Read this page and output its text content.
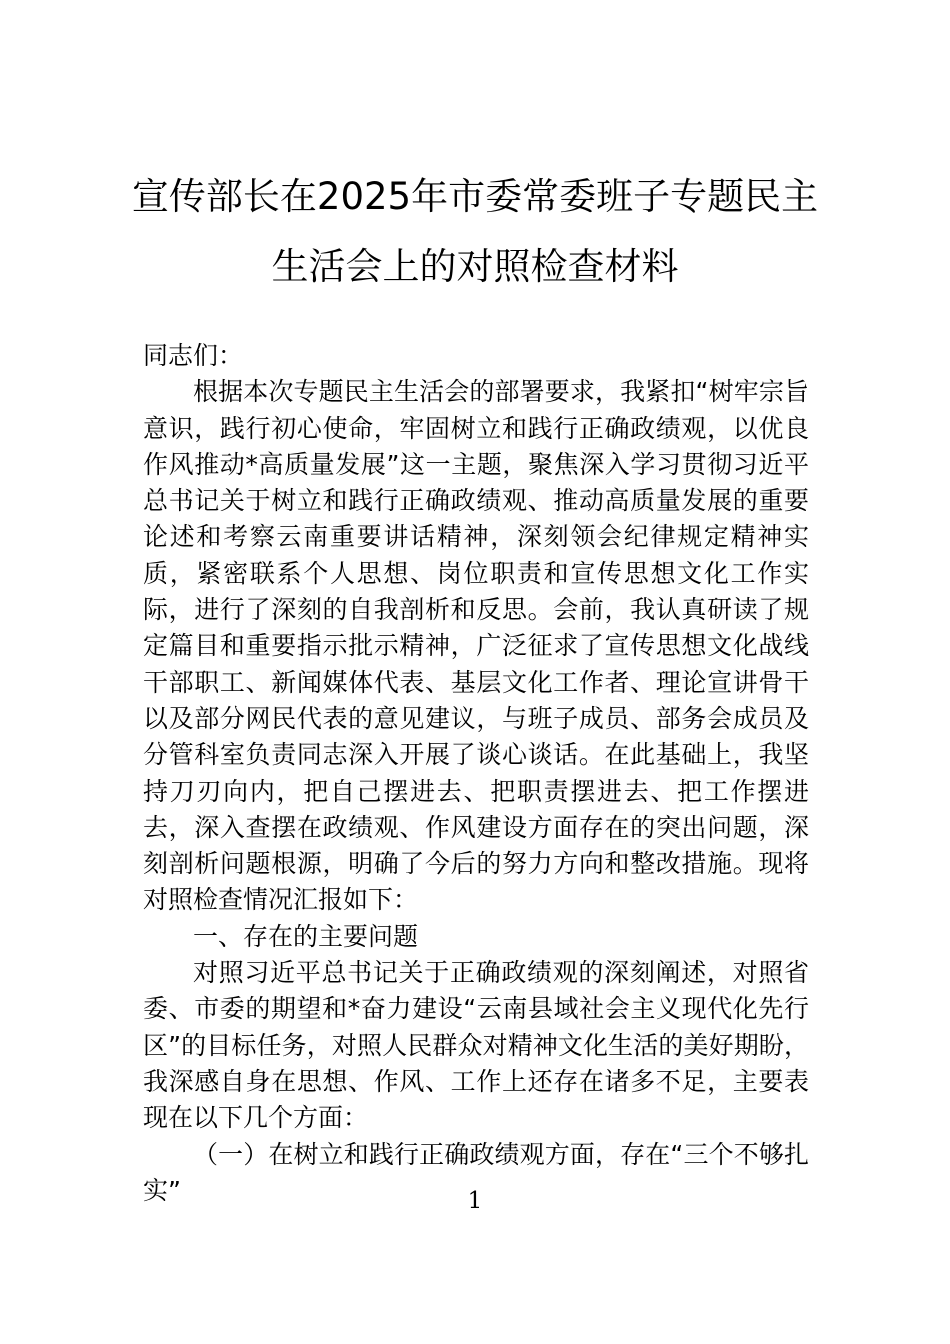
宣传部长在2025年市委常委班子专题民主
生活会上的对照检查材料

同志们：

根据本次专题民主生活会的部署要求，我紧扣“树牢宗旨意识，践行初心使命，牢固树立和践行正确政绩观，以优良作风推动*高质量发展”这一主题，聚焦深入学习贯彻习近平总书记关于树立和践行正确政绩观、推动高质量发展的重要论述和考察云南重要讲话精神，深刻领会纪律规定精神实质，紧密联系个人思想、岗位职责和宣传思想文化工作实际，进行了深刻的自我剖析和反思。会前，我认真研读了规定篇目和重要指示批示精神，广泛征求了宣传思想文化战线干部职工、新闻媒体代表、基层文化工作者、理论宣讲骨干以及部分网民代表的意见建议，与班子成员、部务会成员及分管科室负责同志深入开展了谈心谈话。在此基础上，我坚持刀刃向内，把自己摆进去、把职责摆进去、把工作摆进去，深入查摆在政绩观、作风建设方面存在的突出问题，深刻剖析问题根源，明确了今后的努力方向和整改措施。现将对照检查情况汇报如下：

一、存在的主要问题

对照习近平总书记关于正确政绩观的深刻阐述，对照省委、市委的期望和*奋力建设“云南县域社会主义现代化先行区”的目标任务，对照人民群众对精神文化生活的美好期盼，我深感自身在思想、作风、工作上还存在诸多不足，主要表现在以下几个方面：

（一）在树立和践行正确政绩观方面，存在“三个不够扎实”	1
